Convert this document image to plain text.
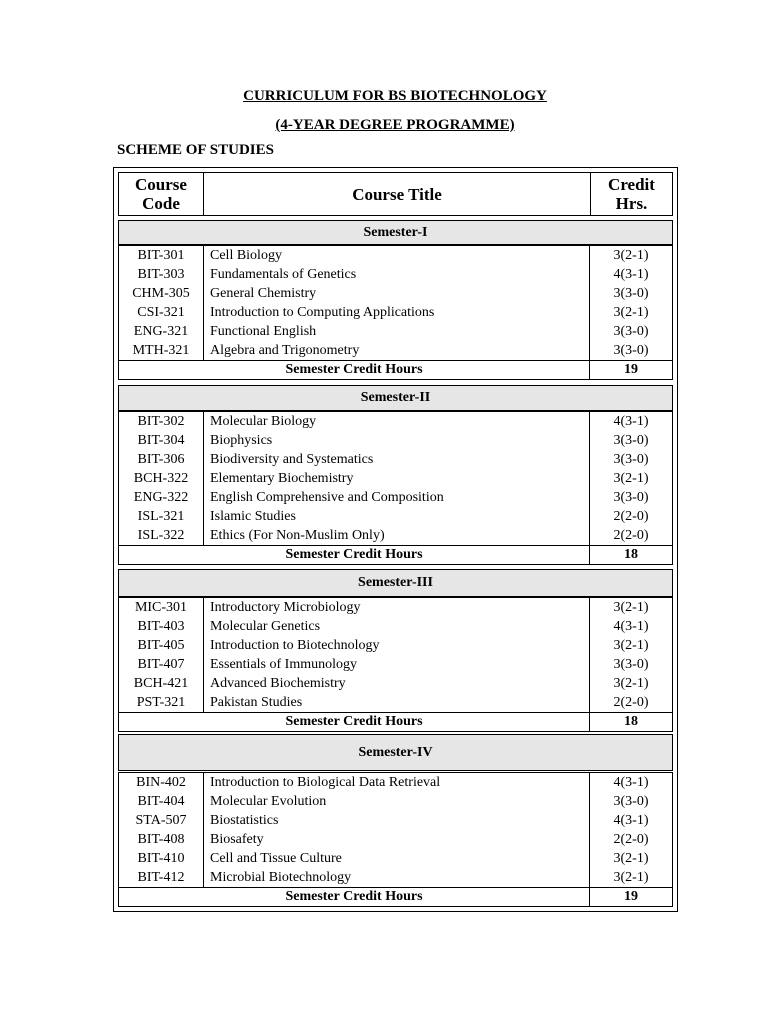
CURRICULUM FOR BS BIOTECHNOLOGY
(4-YEAR DEGREE PROGRAMME)
SCHEME OF STUDIES
Course Code	Course Title	Credit Hrs.
Semester-I
BIT-301	Cell Biology	3(2-1)
BIT-303	Fundamentals of Genetics	4(3-1)
CHM-305	General Chemistry	3(3-0)
CSI-321	Introduction to Computing Applications	3(2-1)
ENG-321	Functional English	3(3-0)
MTH-321	Algebra and Trigonometry	3(3-0)
Semester Credit Hours	19
Semester-II
BIT-302	Molecular Biology	4(3-1)
BIT-304	Biophysics	3(3-0)
BIT-306	Biodiversity and Systematics	3(3-0)
BCH-322	Elementary Biochemistry	3(2-1)
ENG-322	English Comprehensive and Composition	3(3-0)
ISL-321	Islamic Studies	2(2-0)
ISL-322	Ethics (For Non-Muslim Only)	2(2-0)
Semester Credit Hours	18
Semester-III
MIC-301	Introductory Microbiology	3(2-1)
BIT-403	Molecular Genetics	4(3-1)
BIT-405	Introduction to Biotechnology	3(2-1)
BIT-407	Essentials of Immunology	3(3-0)
BCH-421	Advanced Biochemistry	3(2-1)
PST-321	Pakistan Studies	2(2-0)
Semester Credit Hours	18
Semester-IV
BIN-402	Introduction to Biological Data Retrieval	4(3-1)
BIT-404	Molecular Evolution	3(3-0)
STA-507	Biostatistics	4(3-1)
BIT-408	Biosafety	2(2-0)
BIT-410	Cell and Tissue Culture	3(2-1)
BIT-412	Microbial Biotechnology	3(2-1)
Semester Credit Hours	19
